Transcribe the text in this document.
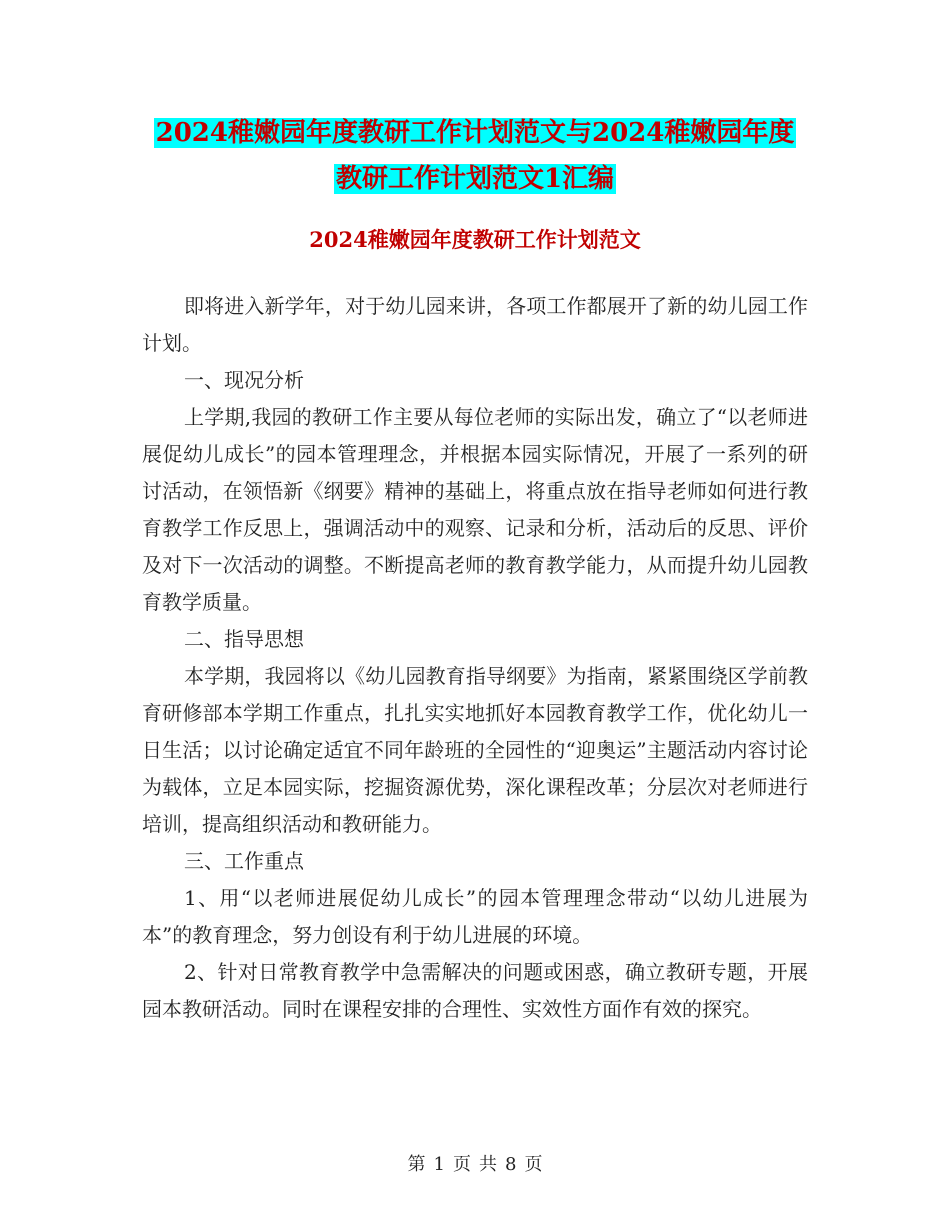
2024稚嫩园年度教研工作计划范文与2024稚嫩园年度
教研工作计划范文1汇编
2024稚嫩园年度教研工作计划范文

即将进入新学年，对于幼儿园来讲，各项工作都展开了新的幼儿园工作计划。

一、现况分析

上学期,我园的教研工作主要从每位老师的实际出发，确立了“以老师进展促幼儿成长”的园本管理理念，并根据本园实际情况，开展了一系列的研讨活动，在领悟新《纲要》精神的基础上，将重点放在指导老师如何进行教育教学工作反思上，强调活动中的观察、记录和分析，活动后的反思、评价及对下一次活动的调整。不断提高老师的教育教学能力，从而提升幼儿园教育教学质量。

二、指导思想

本学期，我园将以《幼儿园教育指导纲要》为指南，紧紧围绕区学前教育研修部本学期工作重点，扎扎实实地抓好本园教育教学工作，优化幼儿一日生活；以讨论确定适宜不同年龄班的全园性的“迎奥运”主题活动内容讨论为载体，立足本园实际，挖掘资源优势，深化课程改革；分层次对老师进行培训，提高组织活动和教研能力。

三、工作重点

1、用“以老师进展促幼儿成长”的园本管理理念带动“以幼儿进展为本”的教育理念，努力创设有利于幼儿进展的环境。

2、针对日常教育教学中急需解决的问题或困惑，确立教研专题，开展园本教研活动。同时在课程安排的合理性、实效性方面作有效的探究。

第 1 页 共 8 页
